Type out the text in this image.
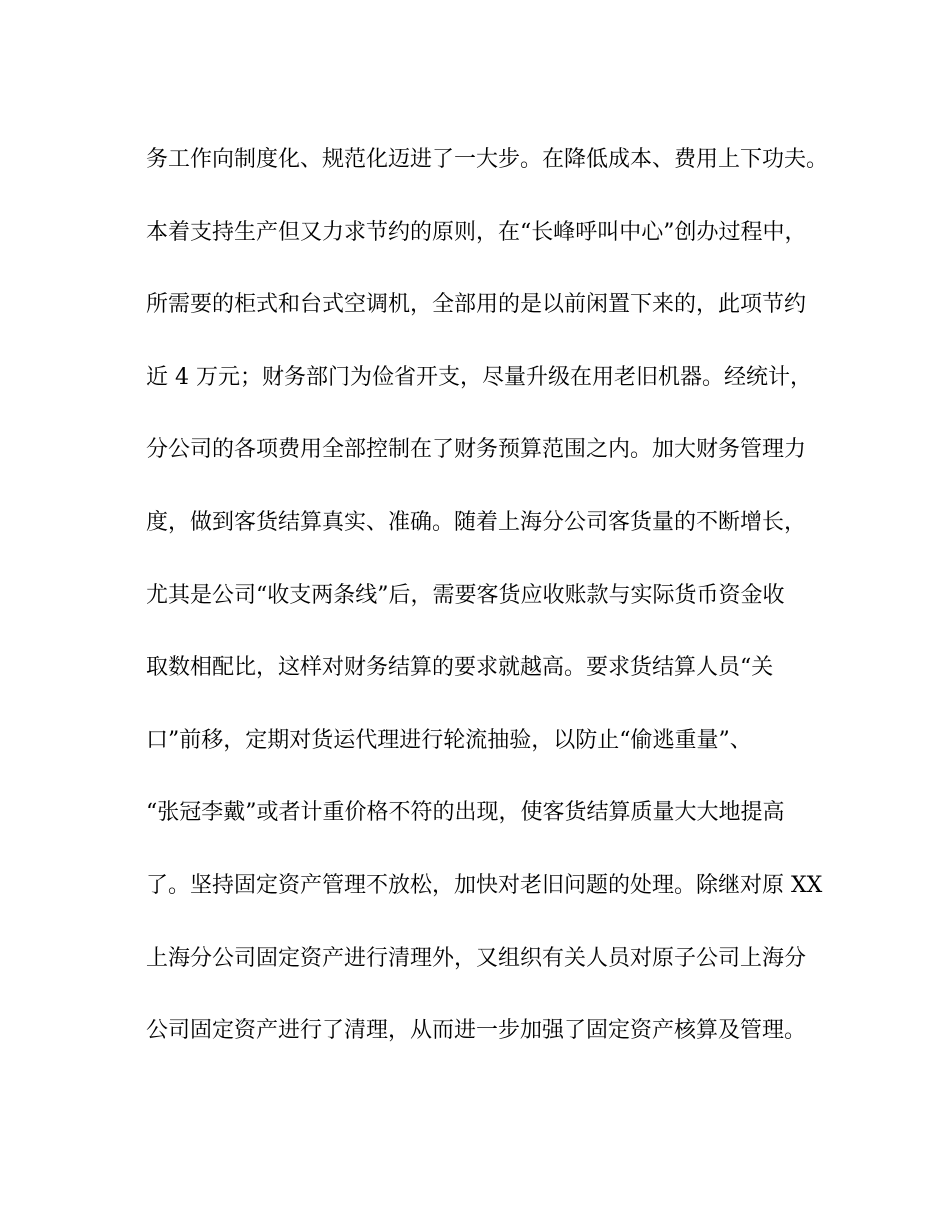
务工作向制度化、规范化迈进了一大步。在降低成本、费用上下功夫。
本着支持生产但又力求节约的原则，在“长峰呼叫中心”创办过程中，
所需要的柜式和台式空调机，全部用的是以前闲置下来的，此项节约
近 4 万元；财务部门为俭省开支，尽量升级在用老旧机器。经统计，
分公司的各项费用全部控制在了财务预算范围之内。加大财务管理力
度，做到客货结算真实、准确。随着上海分公司客货量的不断增长，
尤其是公司“收支两条线”后，需要客货应收账款与实际货币资金收
取数相配比，这样对财务结算的要求就越高。要求货结算人员“关
口”前移，定期对货运代理进行轮流抽验，以防止“偷逃重量”、
“张冠李戴”或者计重价格不符的出现，使客货结算质量大大地提高
了。坚持固定资产管理不放松，加快对老旧问题的处理。除继对原 XX
上海分公司固定资产进行清理外，又组织有关人员对原子公司上海分
公司固定资产进行了清理，从而进一步加强了固定资产核算及管理。
